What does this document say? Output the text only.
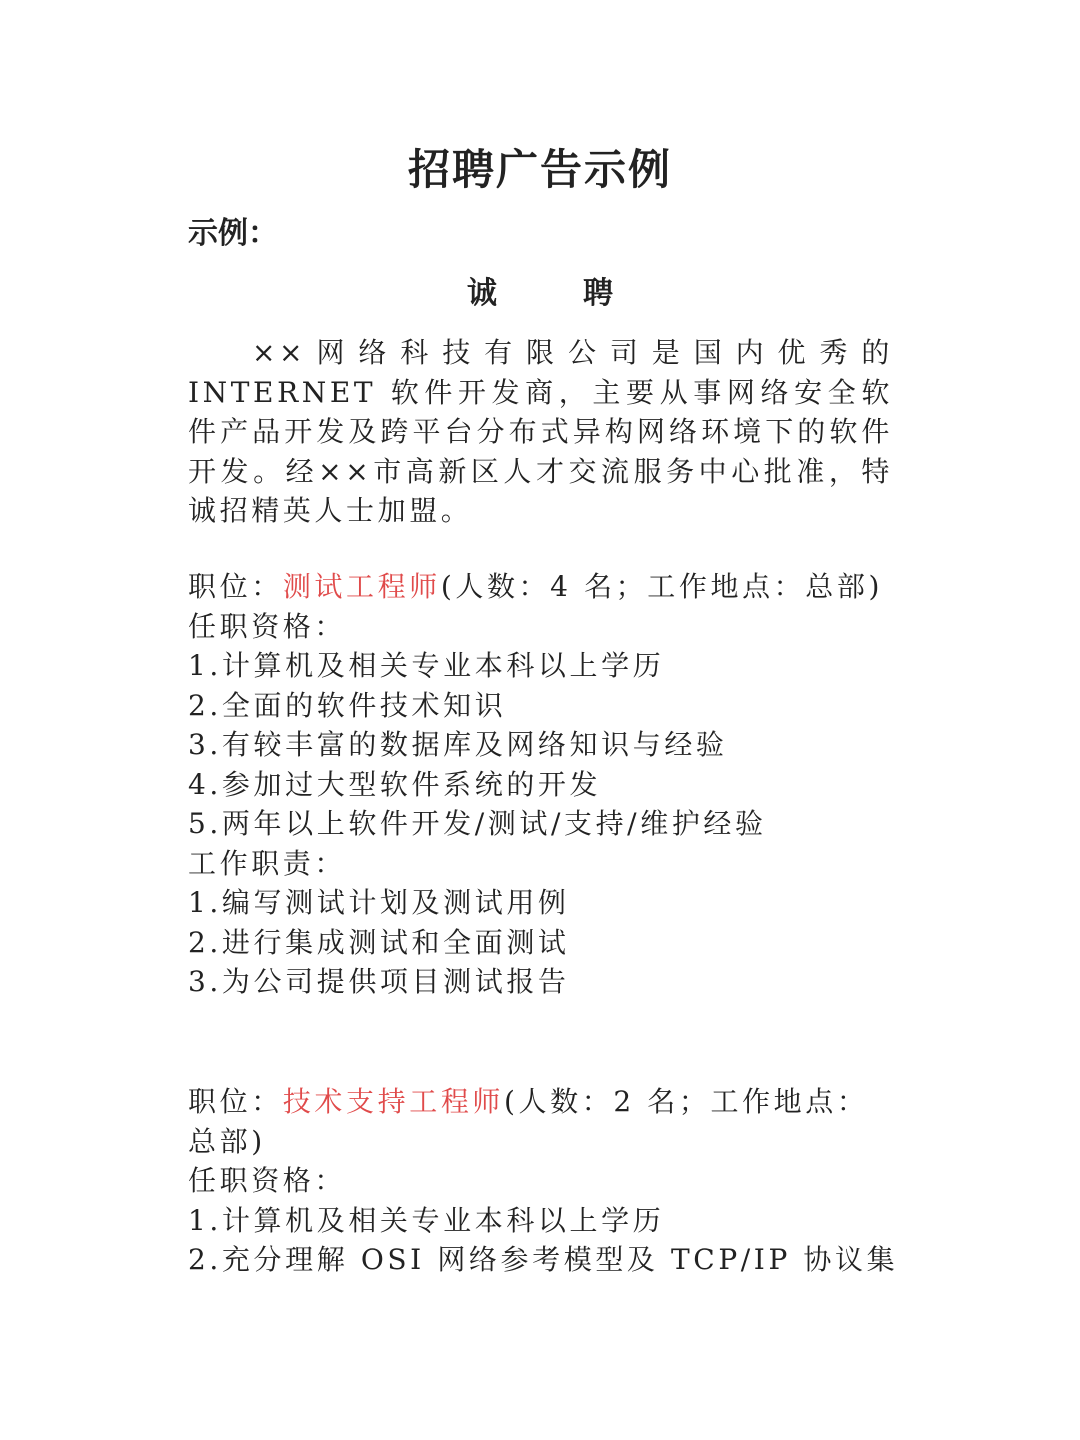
招聘广告示例
示例：
诚	聘
××网络科技有限公司是国内优秀的 INTERNET 软件开发商，主要从事网络安全软件产品开发及跨平台分布式异构网络环境下的软件开发。经××市高新区人才交流服务中心批准，特诚招精英人士加盟。
职位：测试工程师(人数：4 名；工作地点：总部)
任职资格：
1.计算机及相关专业本科以上学历
2.全面的软件技术知识
3.有较丰富的数据库及网络知识与经验
4.参加过大型软件系统的开发
5.两年以上软件开发/测试/支持/维护经验
工作职责：
1.编写测试计划及测试用例
2.进行集成测试和全面测试
3.为公司提供项目测试报告
职位：技术支持工程师(人数：2 名；工作地点：总部)
任职资格：
1.计算机及相关专业本科以上学历
2.充分理解 OSI 网络参考模型及 TCP/IP 协议集
